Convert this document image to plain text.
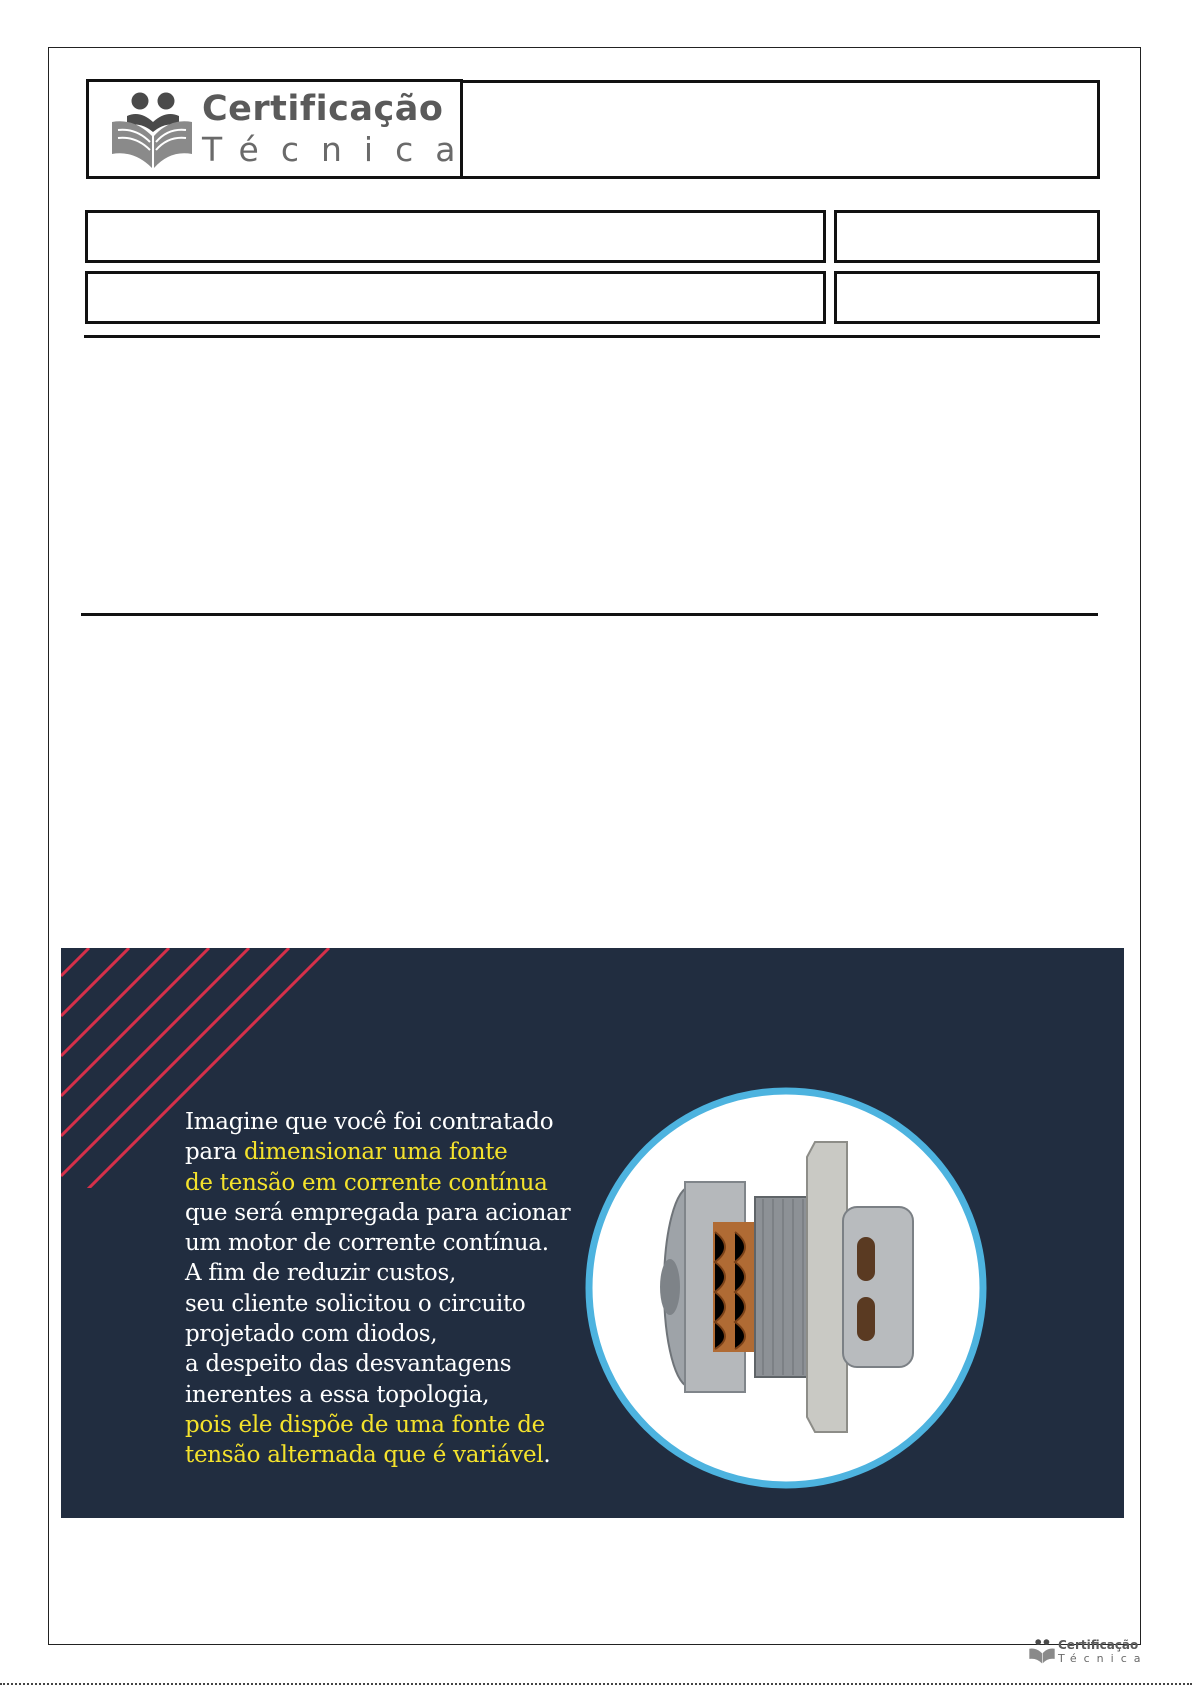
Certificação
Técnica
Imagine que você foi contratado
para dimensionar uma fonte
de tensão em corrente contínua
que será empregada para acionar
um motor de corrente contínua.
A fim de reduzir custos,
seu cliente solicitou o circuito
projetado com diodos,
a despeito das desvantagens
inerentes a essa topologia,
pois ele dispõe de uma fonte de
tensão alternada que é variável.
Certificação
Técnica
